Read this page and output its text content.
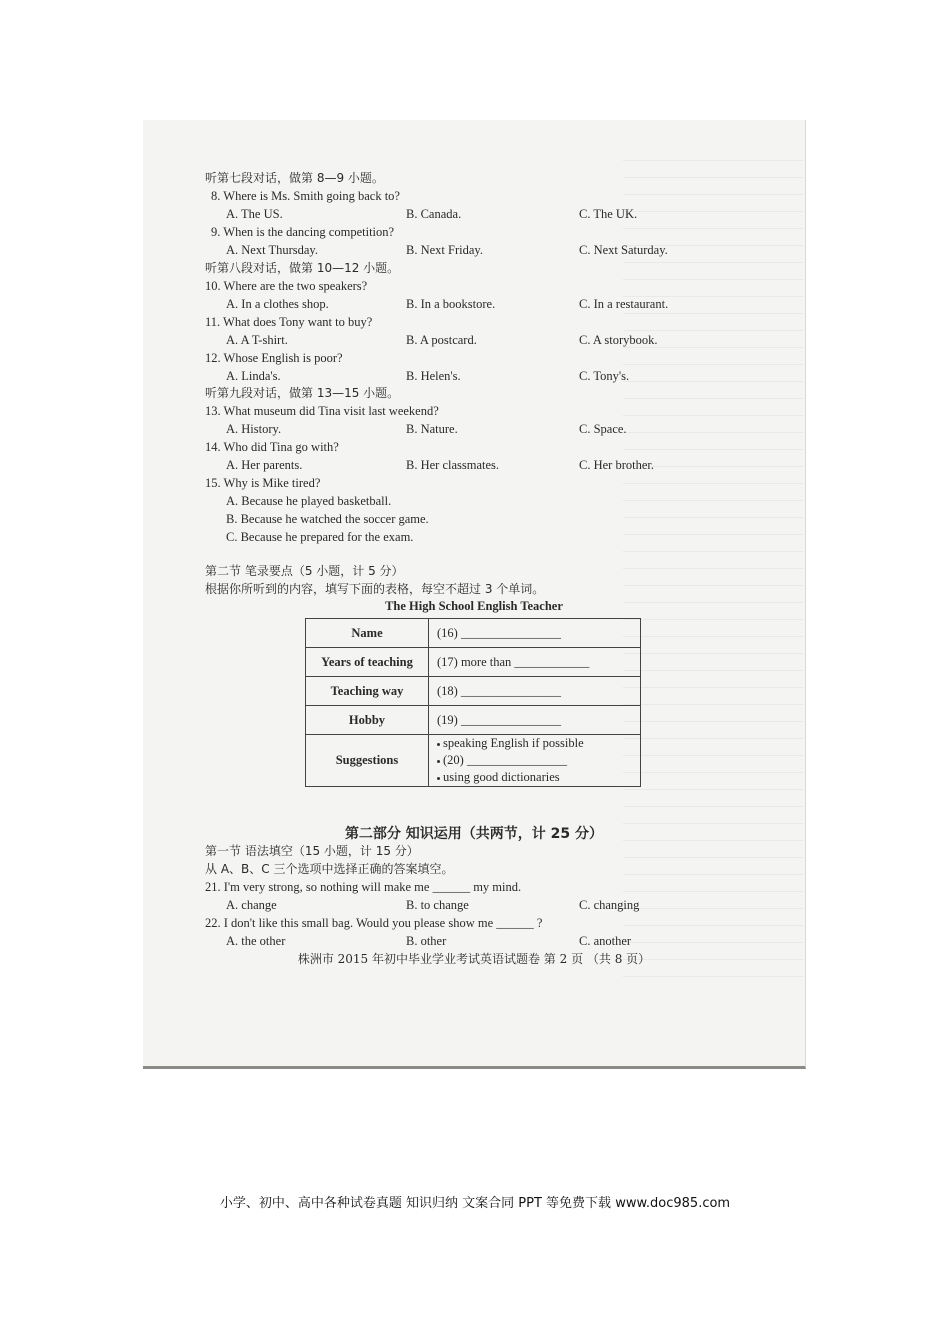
听第七段对话，做第 8—9 小题。
8. Where is Ms. Smith going back to?
A. The US.	B. Canada.	C. The UK.
9. When is the dancing competition?
A. Next Thursday.	B. Next Friday.	C. Next Saturday.
听第八段对话，做第 10—12 小题。
10. Where are the two speakers?
A. In a clothes shop.	B. In a bookstore.	C. In a restaurant.
11. What does Tony want to buy?
A. A T-shirt.	B. A postcard.	C. A storybook.
12. Whose English is poor?
A. Linda's.	B. Helen's.	C. Tony's.
听第九段对话，做第 13—15 小题。
13. What museum did Tina visit last weekend?
A. History.	B. Nature.	C. Space.
14. Who did Tina go with?
A. Her parents.	B. Her classmates.	C. Her brother.
15. Why is Mike tired?
A. Because he played basketball.
B. Because he watched the soccer game.
C. Because he prepared for the exam.
第二节 笔录要点（5 小题，计 5 分）
根据你所听到的内容，填写下面的表格，每空不超过 3 个单词。
The High School English Teacher
Name	(16) ________________
Years of teaching	(17) more than ____________
Teaching way	(18) ________________
Hobby	(19) ________________
Suggestions	speaking English if possible
(20) ________________
using good dictionaries
第二部分 知识运用（共两节，计 25 分）
第一节 语法填空（15 小题，计 15 分）
从 A、B、C 三个选项中选择正确的答案填空。
21. I'm very strong, so nothing will make me ______ my mind.
A. change	B. to change	C. changing
22. I don't like this small bag. Would you please show me ______ ?
A. the other	B. other	C. another
株洲市 2015 年初中毕业学业考试英语试题卷 第 2 页 （共 8 页）
小学、初中、高中各种试卷真题 知识归纳 文案合同 PPT 等免费下载 www.doc985.com
